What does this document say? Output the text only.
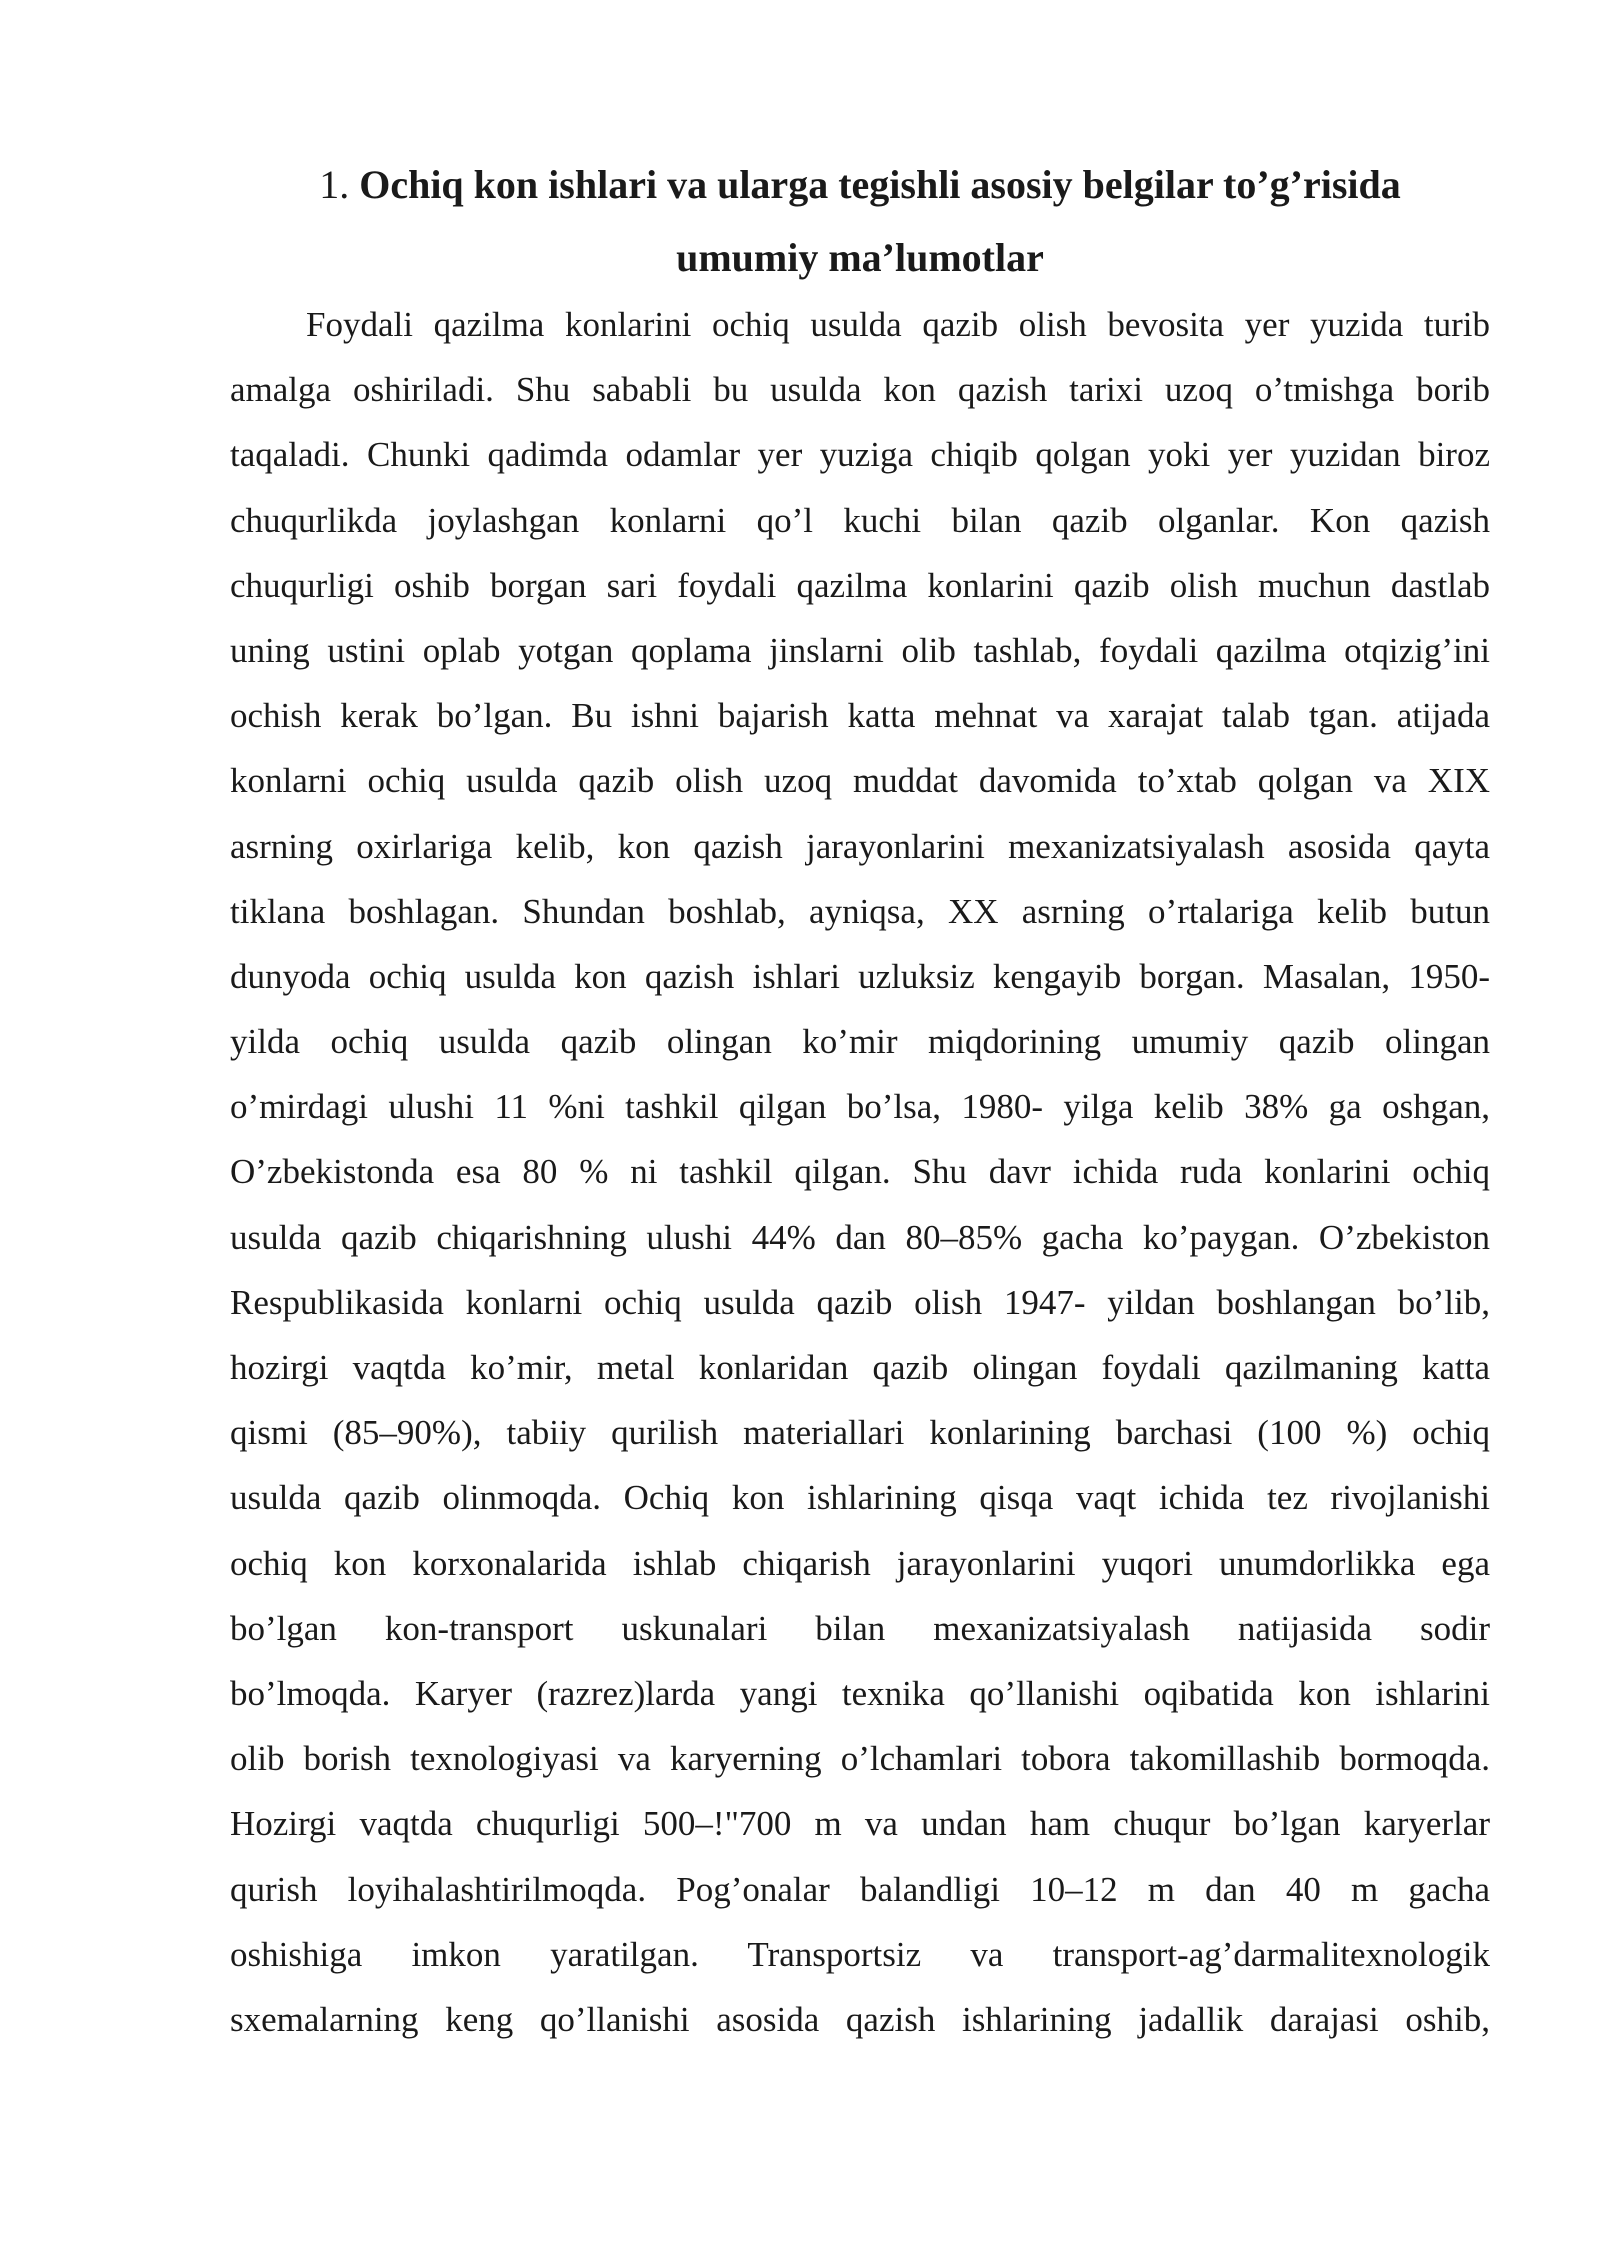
1. Ochiq kon ishlari va ularga tegishli asosiy belgilar to’g’risida
umumiy ma’lumotlar
Foydali qazilma konlarini ochiq usulda qazib olish bevosita yer yuzida turib
amalga oshiriladi. Shu sababli bu usulda kon qazish tarixi uzoq o’tmishga borib
taqaladi. Chunki qadimda odamlar yer yuziga chiqib qolgan yoki yer yuzidan biroz
chuqurlikda joylashgan konlarni qo’l kuchi bilan qazib olganlar. Kon qazish
chuqurligi oshib borgan sari foydali qazilma konlarini qazib olish muchun dastlab
uning ustini oplab yotgan qoplama jinslarni olib tashlab, foydali qazilma otqizig’ini
ochish kerak bo’lgan. Bu ishni bajarish katta mehnat va xarajat talab tgan. atijada
konlarni ochiq usulda qazib olish uzoq muddat davomida to’xtab qolgan va XIX
asrning oxirlariga kelib, kon qazish jarayonlarini mexanizatsiyalash asosida qayta
tiklana boshlagan. Shundan boshlab, ayniqsa, XX asrning o’rtalariga kelib butun
dunyoda ochiq usulda kon qazish ishlari uzluksiz kengayib borgan. Masalan, 1950-
yilda ochiq usulda qazib olingan ko’mir miqdorining umumiy qazib olingan
o’mirdagi ulushi 11 %ni tashkil qilgan bo’lsa, 1980- yilga kelib 38% ga oshgan,
O’zbekistonda esa 80 % ni tashkil qilgan. Shu davr ichida ruda konlarini ochiq
usulda qazib chiqarishning ulushi 44% dan 80–85% gacha ko’paygan. O’zbekiston
Respublikasida konlarni ochiq usulda qazib olish 1947- yildan boshlangan bo’lib,
hozirgi vaqtda ko’mir, metal konlaridan qazib olingan foydali qazilmaning katta
qismi (85–90%), tabiiy qurilish materiallari konlarining barchasi (100 %) ochiq
usulda qazib olinmoqda. Ochiq kon ishlarining qisqa vaqt ichida tez rivojlanishi
ochiq kon korxonalarida ishlab chiqarish jarayonlarini yuqori unumdorlikka ega
bo’lgan kon-transport uskunalari bilan mexanizatsiyalash natijasida sodir
bo’lmoqda. Karyer (razrez)larda yangi texnika qo’llanishi oqibatida kon ishlarini
olib borish texnologiyasi va karyerning o’lchamlari tobora takomillashib bormoqda.
Hozirgi vaqtda chuqurligi 500–!"700 m va undan ham chuqur bo’lgan karyerlar
qurish loyihalashtirilmoqda. Pog’onalar balandligi 10–12 m dan 40 m gacha
oshishiga imkon yaratilgan. Transportsiz va transport-ag’darmalitexnologik
sxemalarning keng qo’llanishi asosida qazish ishlarining jadallik darajasi oshib,
